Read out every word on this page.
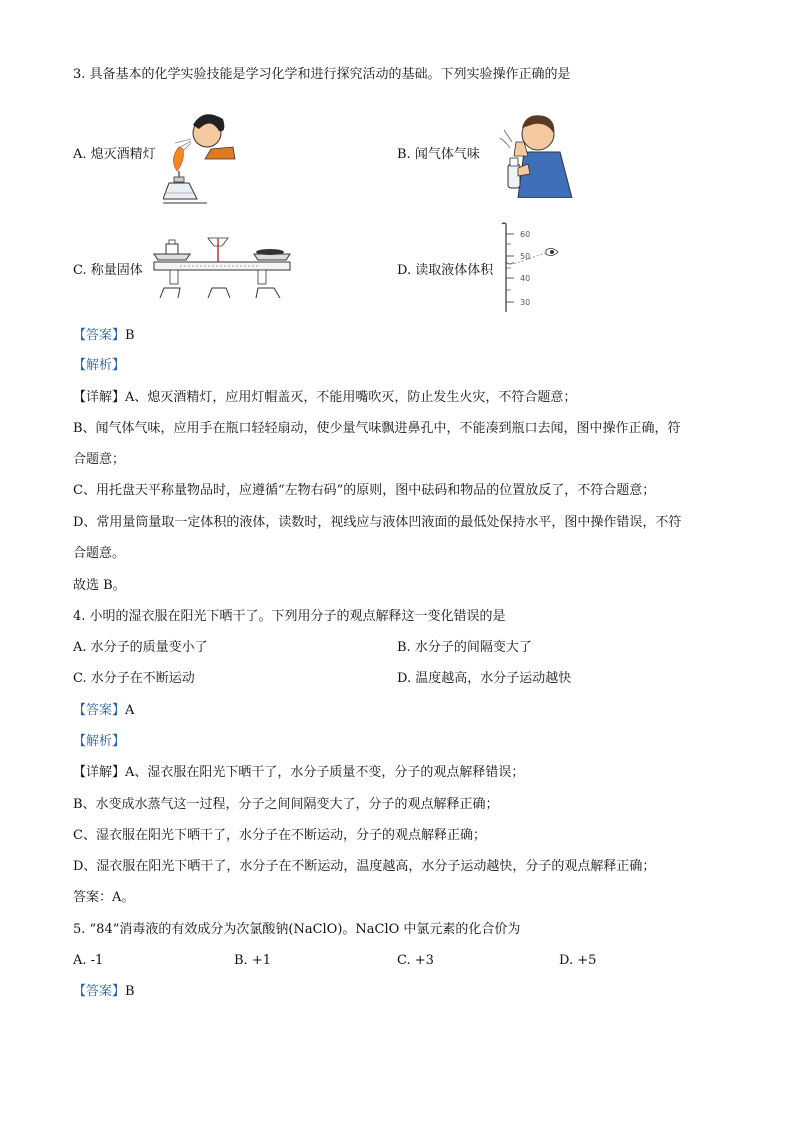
3. 具备基本的化学实验技能是学习化学和进行探究活动的基础。下列实验操作正确的是
A. 熄灭酒精灯	B. 闻气体气味
C. 称量固体	D. 读取液体体积
60
50
40
30
【答案】B
【解析】
【详解】A、熄灭酒精灯，应用灯帽盖灭，不能用嘴吹灭，防止发生火灾，不符合题意；
B、闻气体气味，应用手在瓶口轻轻扇动，使少量气味飘进鼻孔中，不能凑到瓶口去闻，图中操作正确，符
合题意；
C、用托盘天平称量物品时，应遵循“左物右码”的原则，图中砝码和物品的位置放反了，不符合题意；
D、常用量筒量取一定体积的液体，读数时，视线应与液体凹液面的最低处保持水平，图中操作错误，不符
合题意。
故选 B。
4. 小明的湿衣服在阳光下晒干了。下列用分子的观点解释这一变化错误的是
A. 水分子的质量变小了	B. 水分子的间隔变大了
C. 水分子在不断运动	D. 温度越高，水分子运动越快
【答案】A
【解析】
【详解】A、湿衣服在阳光下晒干了，水分子质量不变，分子的观点解释错误；
B、水变成水蒸气这一过程，分子之间间隔变大了，分子的观点解释正确；
C、湿衣服在阳光下晒干了，水分子在不断运动，分子的观点解释正确；
D、湿衣服在阳光下晒干了，水分子在不断运动，温度越高，水分子运动越快，分子的观点解释正确；
答案：A。
5. “84”消毒液的有效成分为次氯酸钠(NaClO)。NaClO 中氯元素的化合价为
A. -1	B. +1	C. +3	D. +5
【答案】B
